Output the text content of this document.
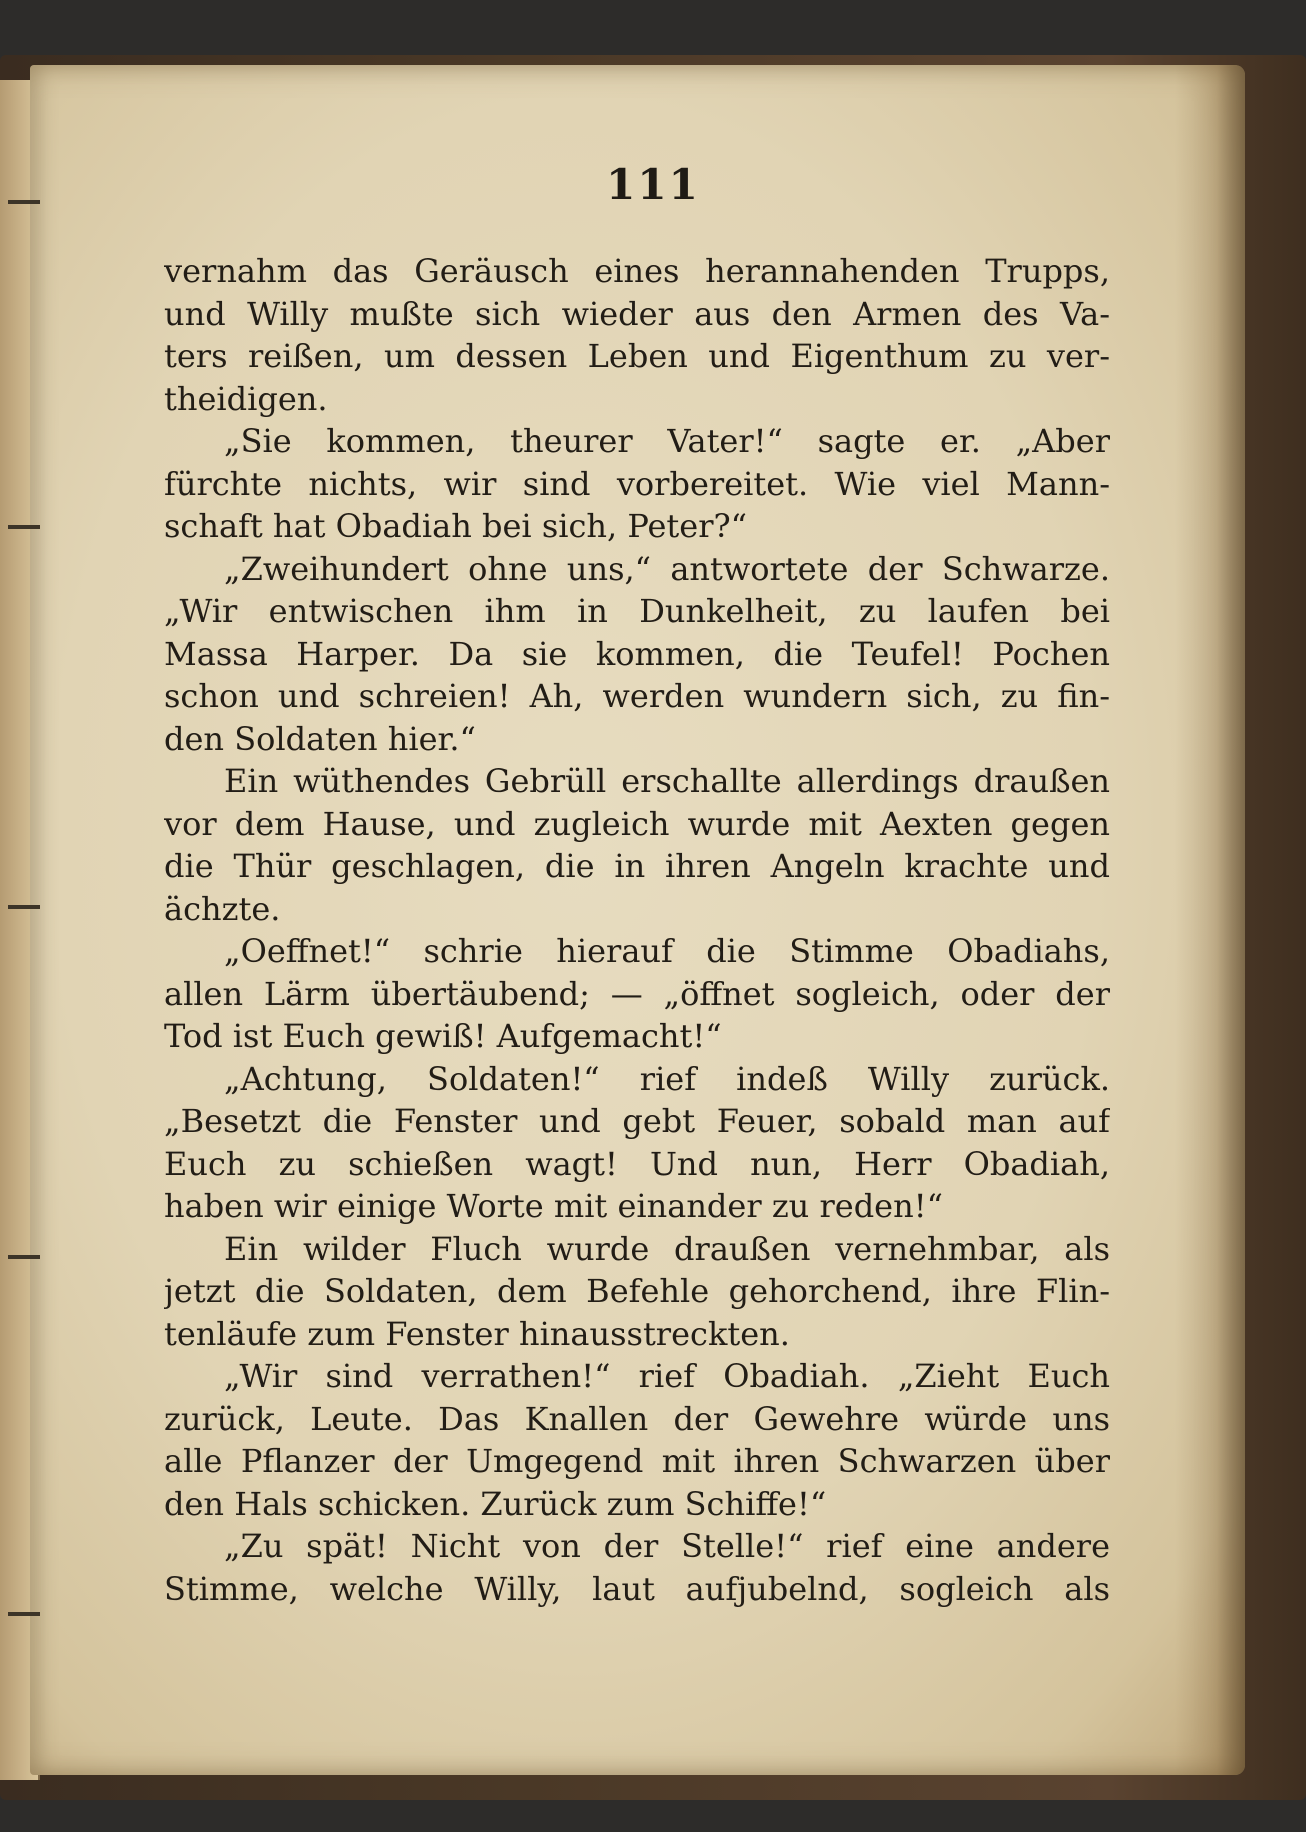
111
vernahm das Geräusch eines herannahenden Trupps,
und Willy mußte sich wieder aus den Armen des Va-
ters reißen, um dessen Leben und Eigenthum zu ver-
theidigen.
„Sie kommen, theurer Vater!“ sagte er. „Aber
fürchte nichts, wir sind vorbereitet. Wie viel Mann-
schaft hat Obadiah bei sich, Peter?“
„Zweihundert ohne uns,“ antwortete der Schwarze.
„Wir entwischen ihm in Dunkelheit, zu laufen bei
Massa Harper. Da sie kommen, die Teufel! Pochen
schon und schreien! Ah, werden wundern sich, zu fin-
den Soldaten hier.“
Ein wüthendes Gebrüll erschallte allerdings draußen
vor dem Hause, und zugleich wurde mit Aexten gegen
die Thür geschlagen, die in ihren Angeln krachte und
ächzte.
„Oeffnet!“ schrie hierauf die Stimme Obadiahs,
allen Lärm übertäubend; — „öffnet sogleich, oder der
Tod ist Euch gewiß! Aufgemacht!“
„Achtung, Soldaten!“ rief indeß Willy zurück.
„Besetzt die Fenster und gebt Feuer, sobald man auf
Euch zu schießen wagt! Und nun, Herr Obadiah,
haben wir einige Worte mit einander zu reden!“
Ein wilder Fluch wurde draußen vernehmbar, als
jetzt die Soldaten, dem Befehle gehorchend, ihre Flin-
tenläufe zum Fenster hinausstreckten.
„Wir sind verrathen!“ rief Obadiah. „Zieht Euch
zurück, Leute. Das Knallen der Gewehre würde uns
alle Pflanzer der Umgegend mit ihren Schwarzen über
den Hals schicken. Zurück zum Schiffe!“
„Zu spät! Nicht von der Stelle!“ rief eine andere
Stimme, welche Willy, laut aufjubelnd, sogleich als
